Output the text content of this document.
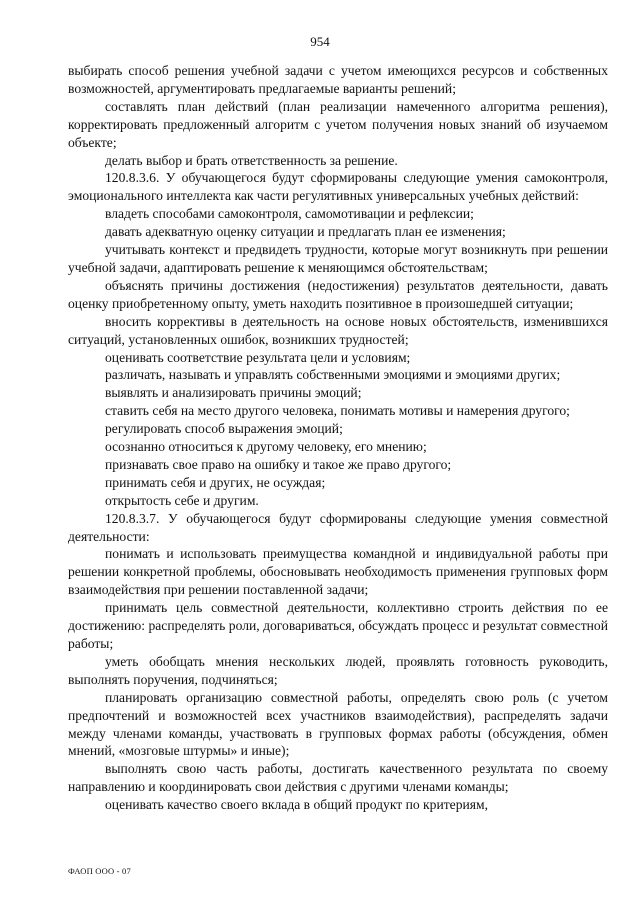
954

выбирать способ решения учебной задачи с учетом имеющихся ресурсов и собственных возможностей, аргументировать предлагаемые варианты решений;

составлять план действий (план реализации намеченного алгоритма решения), корректировать предложенный алгоритм с учетом получения новых знаний об изучаемом объекте;

делать выбор и брать ответственность за решение.

120.8.3.6. У обучающегося будут сформированы следующие умения самоконтроля, эмоционального интеллекта как части регулятивных универсальных учебных действий:

владеть способами самоконтроля, самомотивации и рефлексии;

давать адекватную оценку ситуации и предлагать план ее изменения;

учитывать контекст и предвидеть трудности, которые могут возникнуть при решении учебной задачи, адаптировать решение к меняющимся обстоятельствам;

объяснять причины достижения (недостижения) результатов деятельности, давать оценку приобретенному опыту, уметь находить позитивное в произошедшей ситуации;

вносить коррективы в деятельность на основе новых обстоятельств, изменившихся ситуаций, установленных ошибок, возникших трудностей;

оценивать соответствие результата цели и условиям;

различать, называть и управлять собственными эмоциями и эмоциями других;

выявлять и анализировать причины эмоций;

ставить себя на место другого человека, понимать мотивы и намерения другого;

регулировать способ выражения эмоций;

осознанно относиться к другому человеку, его мнению;

признавать свое право на ошибку и такое же право другого;

принимать себя и других, не осуждая;

открытость себе и другим.

120.8.3.7. У обучающегося будут сформированы следующие умения совместной деятельности:

понимать и использовать преимущества командной и индивидуальной работы при решении конкретной проблемы, обосновывать необходимость применения групповых форм взаимодействия при решении поставленной задачи;

принимать цель совместной деятельности, коллективно строить действия по ее достижению: распределять роли, договариваться, обсуждать процесс и результат совместной работы;

уметь обобщать мнения нескольких людей, проявлять готовность руководить, выполнять поручения, подчиняться;

планировать организацию совместной работы, определять свою роль (с учетом предпочтений и возможностей всех участников взаимодействия), распределять задачи между членами команды, участвовать в групповых формах работы (обсуждения, обмен мнений, «мозговые штурмы» и иные);

выполнять свою часть работы, достигать качественного результата по своему направлению и координировать свои действия с другими членами команды;

оценивать качество своего вклада в общий продукт по критериям,

ФАОП ООО - 07
